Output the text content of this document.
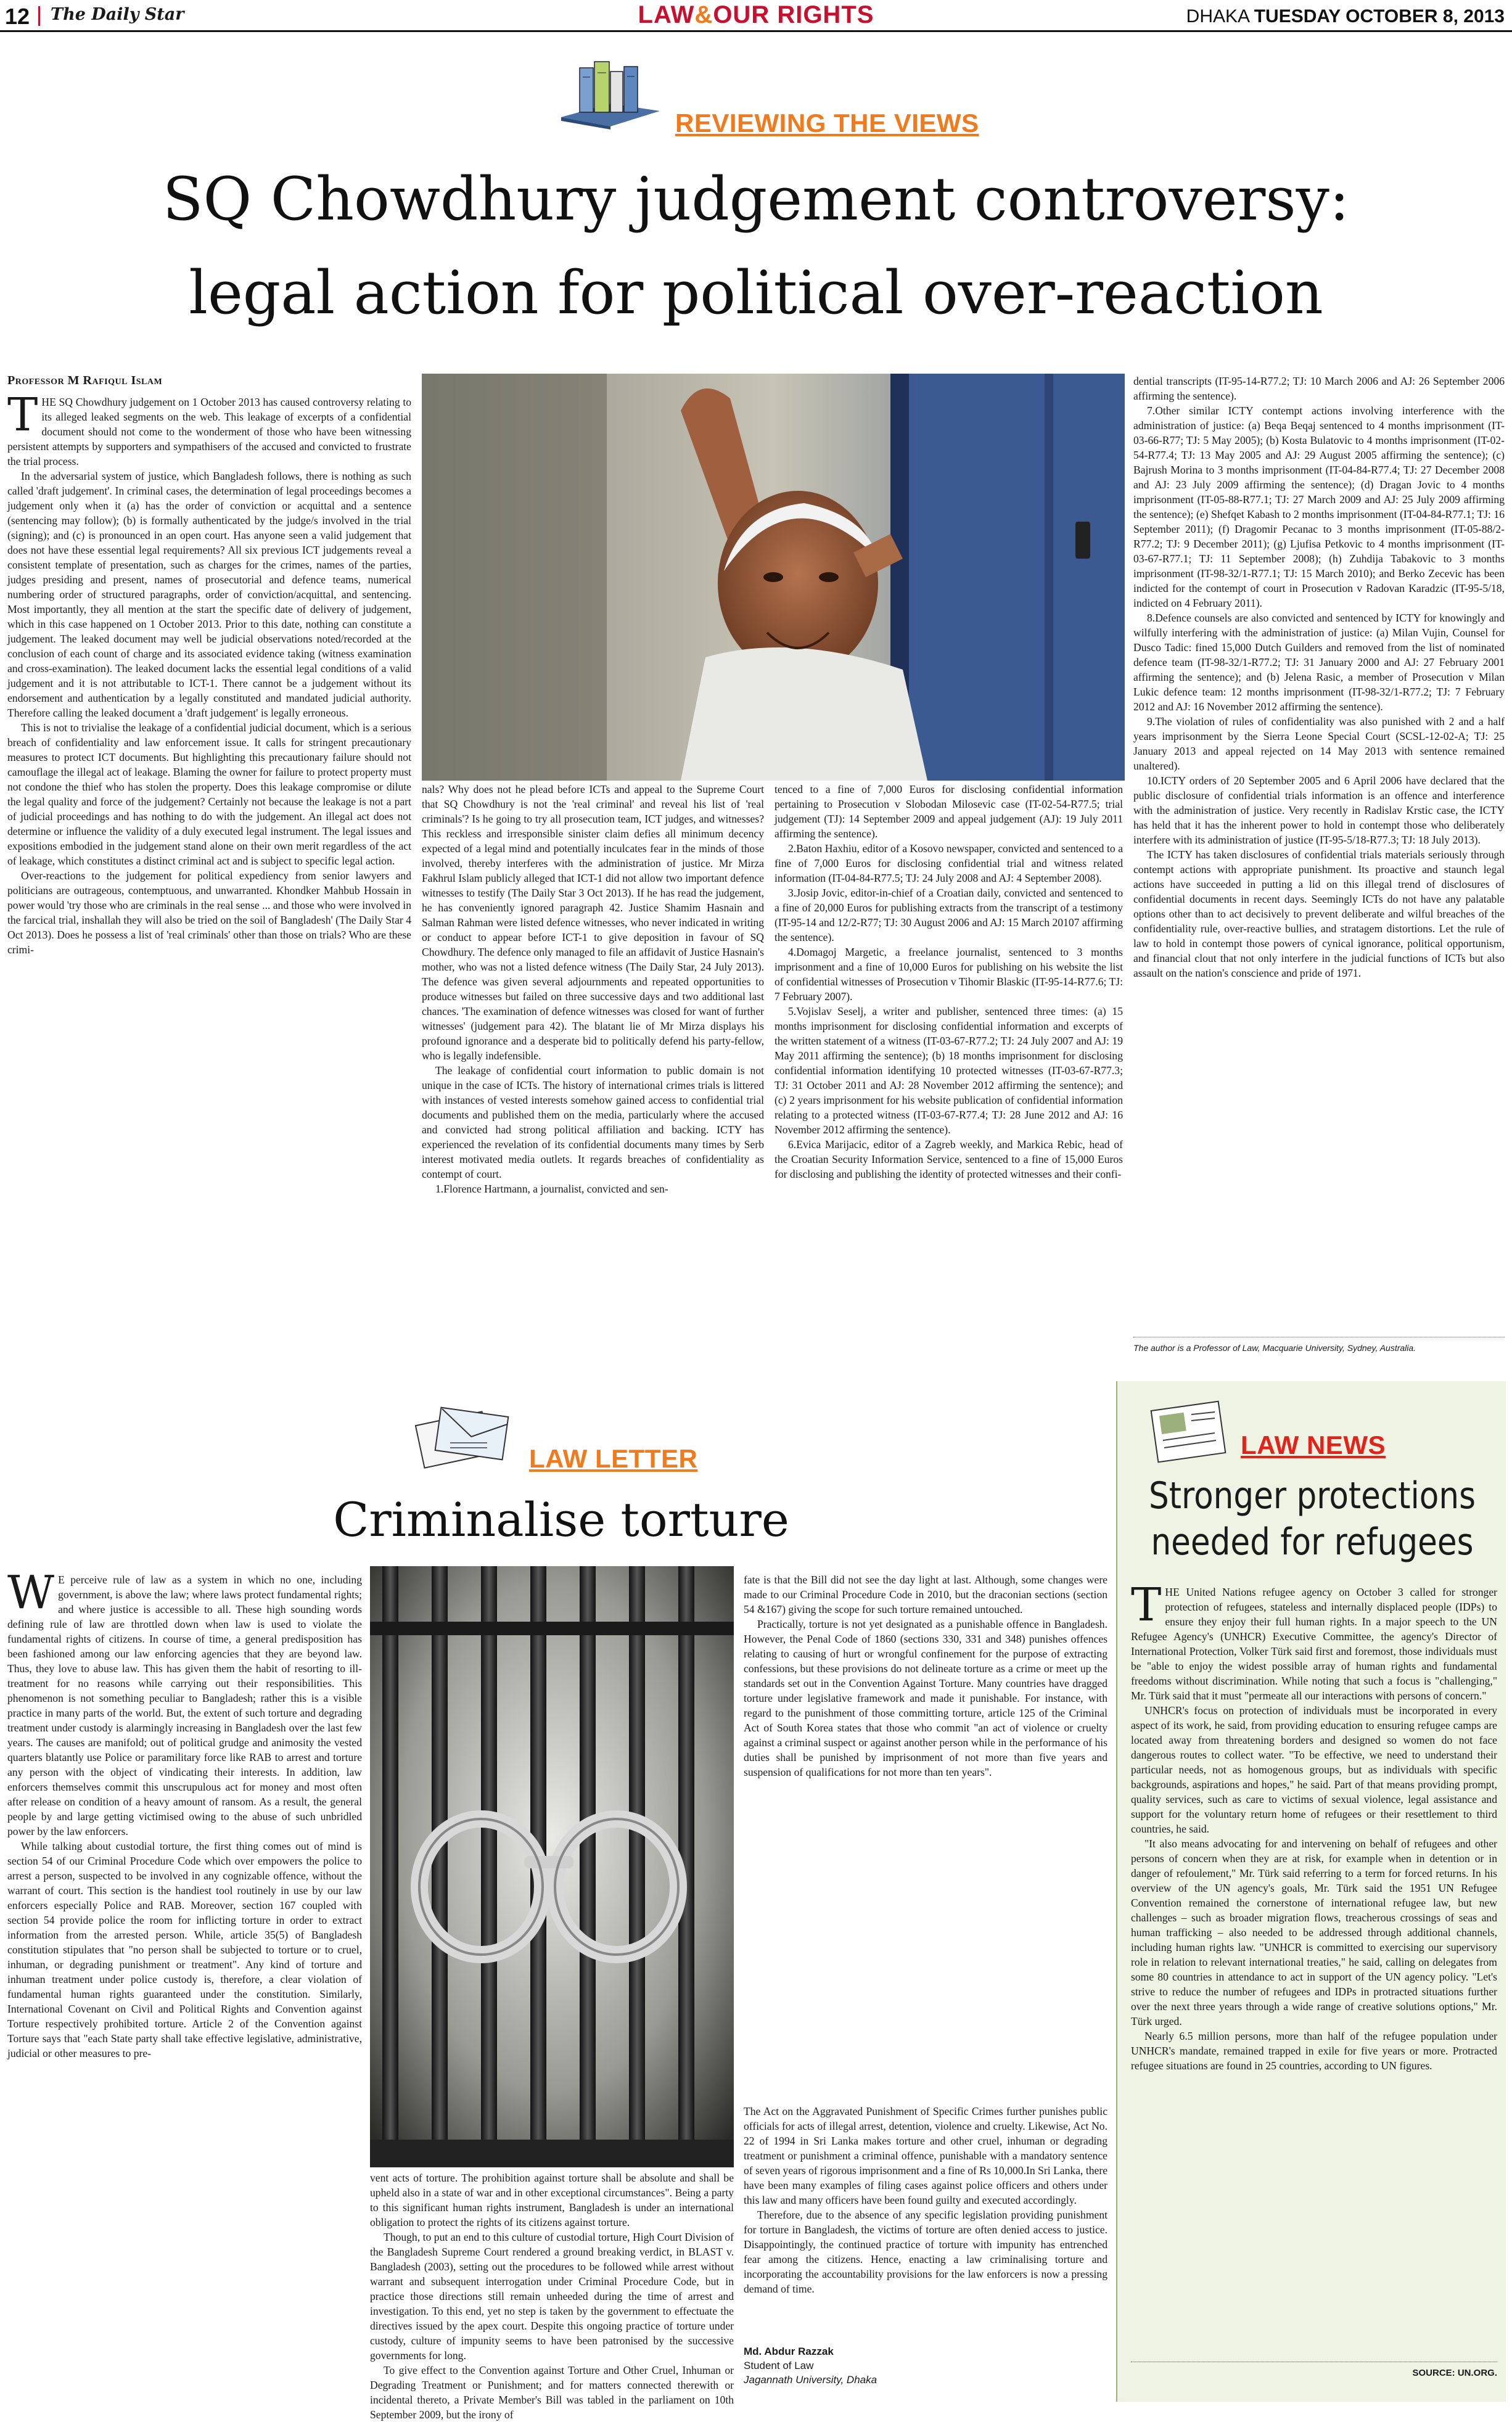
12 The Daily Star	LAW&OUR RIGHTS	DHAKA TUESDAY OCTOBER 8, 2013
REVIEWING THE VIEWS
SQ Chowdhury judgement controversy:
legal action for political over-reaction
Professor M Rafiqul Islam
T HE SQ Chowdhury judgement on 1 October 2013 has caused controversy relating to its alleged leaked segments on the web. This leakage of excerpts of a confidential document should not come to the wonderment of those who have been witnessing persistent attempts by supporters and sympathisers of the accused and convicted to frustrate the trial process.

In the adversarial system of justice, which Bangladesh follows, there is nothing as such called 'draft judgement'. In criminal cases, the determination of legal proceedings becomes a judgement only when it (a) has the order of conviction or acquittal and a sentence (sentencing may follow); (b) is formally authenticated by the judge/s involved in the trial (signing); and (c) is pronounced in an open court. Has anyone seen a valid judgement that does not have these essential legal requirements? All six previous ICT judgements reveal a consistent template of presentation, such as charges for the crimes, names of the parties, judges presiding and present, names of prosecutorial and defence teams, numerical numbering order of structured paragraphs, order of conviction/acquittal, and sentencing. Most importantly, they all mention at the start the specific date of delivery of judgement, which in this case happened on 1 October 2013. Prior to this date, nothing can constitute a judgement. The leaked document may well be judicial observations noted/recorded at the conclusion of each count of charge and its associated evidence taking (witness examination and cross-examination). The leaked document lacks the essential legal conditions of a valid judgement and it is not attributable to ICT-1. There cannot be a judgement without its endorsement and authentication by a legally constituted and mandated judicial authority. Therefore calling the leaked document a 'draft judgement' is legally erroneous.

This is not to trivialise the leakage of a confidential judicial document, which is a serious breach of confidentiality and law enforcement issue. It calls for stringent precautionary measures to protect ICT documents. But highlighting this precautionary failure should not camouflage the illegal act of leakage. Blaming the owner for failure to protect property must not condone the thief who has stolen the property. Does this leakage compromise or dilute the legal quality and force of the judgement? Certainly not because the leakage is not a part of judicial proceedings and has nothing to do with the judgement. An illegal act does not determine or influence the validity of a duly executed legal instrument. The legal issues and expositions embodied in the judgement stand alone on their own merit regardless of the act of leakage, which constitutes a distinct criminal act and is subject to specific legal action.

Over-reactions to the judgement for political expediency from senior lawyers and politicians are outrageous, contemptuous, and unwarranted. Khondker Mahbub Hossain in power would 'try those who are criminals in the real sense ... and those who were involved in the farcical trial, inshallah they will also be tried on the soil of Bangladesh' (The Daily Star 4 Oct 2013). Does he possess a list of 'real criminals' other than those on trials? Who are these crimi-

nals? Why does not he plead before ICTs and appeal to the Supreme Court that SQ Chowdhury is not the 'real criminal' and reveal his list of 'real criminals'? Is he going to try all prosecution team, ICT judges, and witnesses? This reckless and irresponsible sinister claim defies all minimum decency expected of a legal mind and potentially inculcates fear in the minds of those involved, thereby interferes with the administration of justice. Mr Mirza Fakhrul Islam publicly alleged that ICT-1 did not allow two important defence witnesses to testify (The Daily Star 3 Oct 2013). If he has read the judgement, he has conveniently ignored paragraph 42. Justice Shamim Hasnain and Salman Rahman were listed defence witnesses, who never indicated in writing or conduct to appear before ICT-1 to give deposition in favour of SQ Chowdhury. The defence only managed to file an affidavit of Justice Hasnain's mother, who was not a listed defence witness (The Daily Star, 24 July 2013). The defence was given several adjournments and repeated opportunities to produce witnesses but failed on three successive days and two additional last chances. 'The examination of defence witnesses was closed for want of further witnesses' (judgement para 42). The blatant lie of Mr Mirza displays his profound ignorance and a desperate bid to politically defend his party-fellow, who is legally indefensible.

The leakage of confidential court information to public domain is not unique in the case of ICTs. The history of international crimes trials is littered with instances of vested interests somehow gained access to confidential trial documents and published them on the media, particularly where the accused and convicted had strong political affiliation and backing. ICTY has experienced the revelation of its confidential documents many times by Serb interest motivated media outlets. It regards breaches of confidentiality as contempt of court.

1.Florence Hartmann, a journalist, convicted and sen-

tenced to a fine of 7,000 Euros for disclosing confidential information pertaining to Prosecution v Slobodan Milosevic case (IT-02-54-R77.5; trial judgement (TJ): 14 September 2009 and appeal judgement (AJ): 19 July 2011 affirming the sentence).

2.Baton Haxhiu, editor of a Kosovo newspaper, convicted and sentenced to a fine of 7,000 Euros for disclosing confidential trial and witness related information (IT-04-84-R77.5; TJ: 24 July 2008 and AJ: 4 September 2008).

3.Josip Jovic, editor-in-chief of a Croatian daily, convicted and sentenced to a fine of 20,000 Euros for publishing extracts from the transcript of a testimony (IT-95-14 and 12/2-R77; TJ: 30 August 2006 and AJ: 15 March 20107 affirming the sentence).

4.Domagoj Margetic, a freelance journalist, sentenced to 3 months imprisonment and a fine of 10,000 Euros for publishing on his website the list of confidential witnesses of Prosecution v Tihomir Blaskic (IT-95-14-R77.6; TJ: 7 February 2007).

5.Vojislav Seselj, a writer and publisher, sentenced three times: (a) 15 months imprisonment for disclosing confidential information and excerpts of the written statement of a witness (IT-03-67-R77.2; TJ: 24 July 2007 and AJ: 19 May 2011 affirming the sentence); (b) 18 months imprisonment for disclosing confidential information identifying 10 protected witnesses (IT-03-67-R77.3; TJ: 31 October 2011 and AJ: 28 November 2012 affirming the sentence); and (c) 2 years imprisonment for his website publication of confidential information relating to a protected witness (IT-03-67-R77.4; TJ: 28 June 2012 and AJ: 16 November 2012 affirming the sentence).

6.Evica Marijacic, editor of a Zagreb weekly, and Markica Rebic, head of the Croatian Security Information Service, sentenced to a fine of 15,000 Euros for disclosing and publishing the identity of protected witnesses and their confi-

dential transcripts (IT-95-14-R77.2; TJ: 10 March 2006 and AJ: 26 September 2006 affirming the sentence).

7.Other similar ICTY contempt actions involving interference with the administration of justice: (a) Beqa Beqaj sentenced to 4 months imprisonment (IT-03-66-R77; TJ: 5 May 2005); (b) Kosta Bulatovic to 4 months imprisonment (IT-02-54-R77.4; TJ: 13 May 2005 and AJ: 29 August 2005 affirming the sentence); (c) Bajrush Morina to 3 months imprisonment (IT-04-84-R77.4; TJ: 27 December 2008 and AJ: 23 July 2009 affirming the sentence); (d) Dragan Jovic to 4 months imprisonment (IT-05-88-R77.1; TJ: 27 March 2009 and AJ: 25 July 2009 affirming the sentence); (e) Shefqet Kabash to 2 months imprisonment (IT-04-84-R77.1; TJ: 16 September 2011); (f) Dragomir Pecanac to 3 months imprisonment (IT-05-88/2-R77.2; TJ: 9 December 2011); (g) Ljufisa Petkovic to 4 months imprisonment (IT-03-67-R77.1; TJ: 11 September 2008); (h) Zuhdija Tabakovic to 3 months imprisonment (IT-98-32/1-R77.1; TJ: 15 March 2010); and Berko Zecevic has been indicted for the contempt of court in Prosecution v Radovan Karadzic (IT-95-5/18, indicted on 4 February 2011).

8.Defence counsels are also convicted and sentenced by ICTY for knowingly and wilfully interfering with the administration of justice: (a) Milan Vujin, Counsel for Dusco Tadic: fined 15,000 Dutch Guilders and removed from the list of nominated defence team (IT-98-32/1-R77.2; TJ: 31 January 2000 and AJ: 27 February 2001 affirming the sentence); and (b) Jelena Rasic, a member of Prosecution v Milan Lukic defence team: 12 months imprisonment (IT-98-32/1-R77.2; TJ: 7 February 2012 and AJ: 16 November 2012 affirming the sentence).

9.The violation of rules of confidentiality was also punished with 2 and a half years imprisonment by the Sierra Leone Special Court (SCSL-12-02-A; TJ: 25 January 2013 and appeal rejected on 14 May 2013 with sentence remained unaltered).

10.ICTY orders of 20 September 2005 and 6 April 2006 have declared that the public disclosure of confidential trials information is an offence and interference with the administration of justice. Very recently in Radislav Krstic case, the ICTY has held that it has the inherent power to hold in contempt those who deliberately interfere with its administration of justice (IT-95-5/18-R77.3; TJ: 18 July 2013).

The ICTY has taken disclosures of confidential trials materials seriously through contempt actions with appropriate punishment. Its proactive and staunch legal actions have succeeded in putting a lid on this illegal trend of disclosures of confidential documents in recent days. Seemingly ICTs do not have any palatable options other than to act decisively to prevent deliberate and wilful breaches of the confidentiality rule, over-reactive bullies, and stratagem distortions. Let the rule of law to hold in contempt those powers of cynical ignorance, political opportunism, and financial clout that not only interfere in the judicial functions of ICTs but also assault on the nation's conscience and pride of 1971.

The author is a Professor of Law, Macquarie University, Sydney, Australia.
LAW LETTER
Criminalise torture
W E perceive rule of law as a system in which no one, including government, is above the law; where laws protect fundamental rights; and where justice is accessible to all. These high sounding words defining rule of law are throttled down when law is used to violate the fundamental rights of citizens. In course of time, a general predisposition has been fashioned among our law enforcing agencies that they are beyond law. Thus, they love to abuse law. This has given them the habit of resorting to ill-treatment for no reasons while carrying out their responsibilities. This phenomenon is not something peculiar to Bangladesh; rather this is a visible practice in many parts of the world. But, the extent of such torture and degrading treatment under custody is alarmingly increasing in Bangladesh over the last few years. The causes are manifold; out of political grudge and animosity the vested quarters blatantly use Police or paramilitary force like RAB to arrest and torture any person with the object of vindicating their interests. In addition, law enforcers themselves commit this unscrupulous act for money and most often after release on condition of a heavy amount of ransom. As a result, the general people by and large getting victimised owing to the abuse of such unbridled power by the law enforcers.

While talking about custodial torture, the first thing comes out of mind is section 54 of our Criminal Procedure Code which over empowers the police to arrest a person, suspected to be involved in any cognizable offence, without the warrant of court. This section is the handiest tool routinely in use by our law enforcers especially Police and RAB. Moreover, section 167 coupled with section 54 provide police the room for inflicting torture in order to extract information from the arrested person. While, article 35(5) of Bangladesh constitution stipulates that "no person shall be subjected to torture or to cruel, inhuman, or degrading punishment or treatment". Any kind of torture and inhuman treatment under police custody is, therefore, a clear violation of fundamental human rights guaranteed under the constitution. Similarly, International Covenant on Civil and Political Rights and Convention against Torture respectively prohibited torture. Article 2 of the Convention against Torture says that "each State party shall take effective legislative, administrative, judicial or other measures to pre-

vent acts of torture. The prohibition against torture shall be absolute and shall be upheld also in a state of war and in other exceptional circumstances". Being a party to this significant human rights instrument, Bangladesh is under an international obligation to protect the rights of its citizens against torture.

Though, to put an end to this culture of custodial torture, High Court Division of the Bangladesh Supreme Court rendered a ground breaking verdict, in BLAST v. Bangladesh (2003), setting out the procedures to be followed while arrest without warrant and subsequent interrogation under Criminal Procedure Code, but in practice those directions still remain unheeded during the time of arrest and investigation. To this end, yet no step is taken by the government to effectuate the directives issued by the apex court. Despite this ongoing practice of torture under custody, culture of impunity seems to have been patronised by the successive governments for long.

To give effect to the Convention against Torture and Other Cruel, Inhuman or Degrading Treatment or Punishment; and for matters connected therewith or incidental thereto, a Private Member's Bill was tabled in the parliament on 10th September 2009, but the irony of

fate is that the Bill did not see the day light at last. Although, some changes were made to our Criminal Procedure Code in 2010, but the draconian sections (section 54 &167) giving the scope for such torture remained untouched.

Practically, torture is not yet designated as a punishable offence in Bangladesh. However, the Penal Code of 1860 (sections 330, 331 and 348) punishes offences relating to causing of hurt or wrongful confinement for the purpose of extracting confessions, but these provisions do not delineate torture as a crime or meet up the standards set out in the Convention Against Torture. Many countries have dragged torture under legislative framework and made it punishable. For instance, with regard to the punishment of those committing torture, article 125 of the Criminal Act of South Korea states that those who commit "an act of violence or cruelty against a criminal suspect or against another person while in the performance of his duties shall be punished by imprisonment of not more than five years and suspension of qualifications for not more than ten years".

The Act on the Aggravated Punishment of Specific Crimes further punishes public officials for acts of illegal arrest, detention, violence and cruelty. Likewise, Act No. 22 of 1994 in Sri Lanka makes torture and other cruel, inhuman or degrading treatment or punishment a criminal offence, punishable with a mandatory sentence of seven years of rigorous imprisonment and a fine of Rs 10,000.In Sri Lanka, there have been many examples of filing cases against police officers and others under this law and many officers have been found guilty and executed accordingly.

Therefore, due to the absence of any specific legislation providing punishment for torture in Bangladesh, the victims of torture are often denied access to justice. Disappointingly, the continued practice of torture with impunity has entrenched fear among the citizens. Hence, enacting a law criminalising torture and incorporating the accountability provisions for the law enforcers is now a pressing demand of time.

Md. Abdur Razzak
Student of Law
Jagannath University, Dhaka
LAW NEWS
Stronger protections
needed for refugees
T HE United Nations refugee agency on October 3 called for stronger protection of refugees, stateless and internally displaced people (IDPs) to ensure they enjoy their full human rights. In a major speech to the UN Refugee Agency's (UNHCR) Executive Committee, the agency's Director of International Protection, Volker Türk said first and foremost, those individuals must be "able to enjoy the widest possible array of human rights and fundamental freedoms without discrimination. While noting that such a focus is "challenging," Mr. Türk said that it must "permeate all our interactions with persons of concern."

UNHCR's focus on protection of individuals must be incorporated in every aspect of its work, he said, from providing education to ensuring refugee camps are located away from threatening borders and designed so women do not face dangerous routes to collect water. "To be effective, we need to understand their particular needs, not as homogenous groups, but as individuals with specific backgrounds, aspirations and hopes," he said. Part of that means providing prompt, quality services, such as care to victims of sexual violence, legal assistance and support for the voluntary return home of refugees or their resettlement to third countries, he said.

"It also means advocating for and intervening on behalf of refugees and other persons of concern when they are at risk, for example when in detention or in danger of refoulement," Mr. Türk said referring to a term for forced returns. In his overview of the UN agency's goals, Mr. Türk said the 1951 UN Refugee Convention remained the cornerstone of international refugee law, but new challenges – such as broader migration flows, treacherous crossings of seas and human trafficking – also needed to be addressed through additional channels, including human rights law. "UNHCR is committed to exercising our supervisory role in relation to relevant international treaties," he said, calling on delegates from some 80 countries in attendance to act in support of the UN agency policy. "Let's strive to reduce the number of refugees and IDPs in protracted situations further over the next three years through a wide range of creative solutions options," Mr. Türk urged.

Nearly 6.5 million persons, more than half of the refugee population under UNHCR's mandate, remained trapped in exile for five years or more. Protracted refugee situations are found in 25 countries, according to UN figures.

SOURCE: UN.ORG.
